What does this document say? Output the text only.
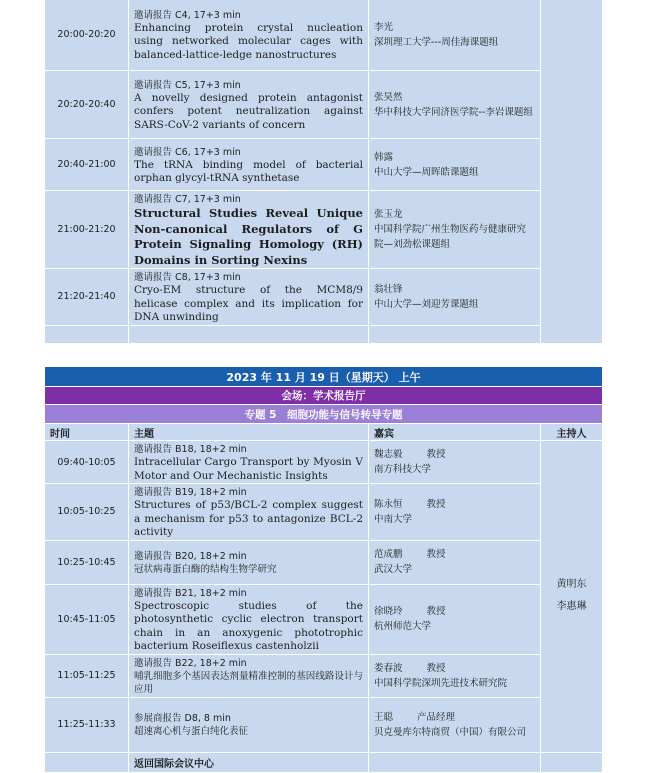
20:00-20:20	邀请报告 C4, 17+3 min
Enhancing protein crystal nucleation using networked molecular cages with balanced-lattice-ledge nanostructures	李光
深圳理工大学---周佳海课题组	

20:20-20:40	邀请报告 C5, 17+3 min
A novelly designed protein antagonist confers potent neutralization against SARS-CoV-2 variants of concern	张昊然
华中科技大学同济医学院--李岩课题组	

20:40-21:00	邀请报告 C6, 17+3 min
The tRNA binding model of bacterial orphan glycyl-tRNA synthetase	韩露
中山大学—周晖皓课题组	

21:00-21:20	邀请报告 C7, 17+3 min
Structural Studies Reveal Unique Non-canonical Regulators of G Protein Signaling Homology (RH) Domains in Sorting Nexins	张玉龙
中国科学院广州生物医药与健康研究院—刘劲松课题组	

21:20-21:40	邀请报告 C8, 17+3 min
Cryo-EM structure of the MCM8/9 helicase complex and its implication for DNA unwinding	翁壮锋
中山大学—刘迎芳课题组	

2023 年 11 月 19 日（星期天） 上午			
会场：学术报告厅			
专题 5　细胞功能与信号转导专题			
时间	主题	嘉宾	主持人
09:40-10:05	邀请报告 B18, 18+2 min
Intracellular Cargo Transport by Myosin V Motor and Our Mechanistic Insights	魏志毅 教授
南方科技大学	黄明东
李惠琳

10:05-10:25	邀请报告 B19, 18+2 min
Structures of p53/BCL-2 complex suggest a mechanism for p53 to antagonize BCL-2 activity	陈永恒 教授
中南大学	

10:25-10:45	邀请报告 B20, 18+2 min
冠状病毒蛋白酶的结构生物学研究	范成鹏 教授
武汉大学	

10:45-11:05	邀请报告 B21, 18+2 min
Spectroscopic studies of the photosynthetic cyclic electron transport chain in an anoxygenic phototrophic bacterium Roseiflexus castenholzii	徐晓玲 教授
杭州师范大学	

11:05-11:25	邀请报告 B22, 18+2 min
哺乳细胞多个基因表达剂量精准控制的基因线路设计与应用	娄春波 教授
中国科学院深圳先进技术研究院	

11:25-11:33	参展商报告 D8, 8 min
超速离心机与蛋白纯化表征	王聪 产品经理
贝克曼库尔特商贸（中国）有限公司	

	返回国际会议中心		
